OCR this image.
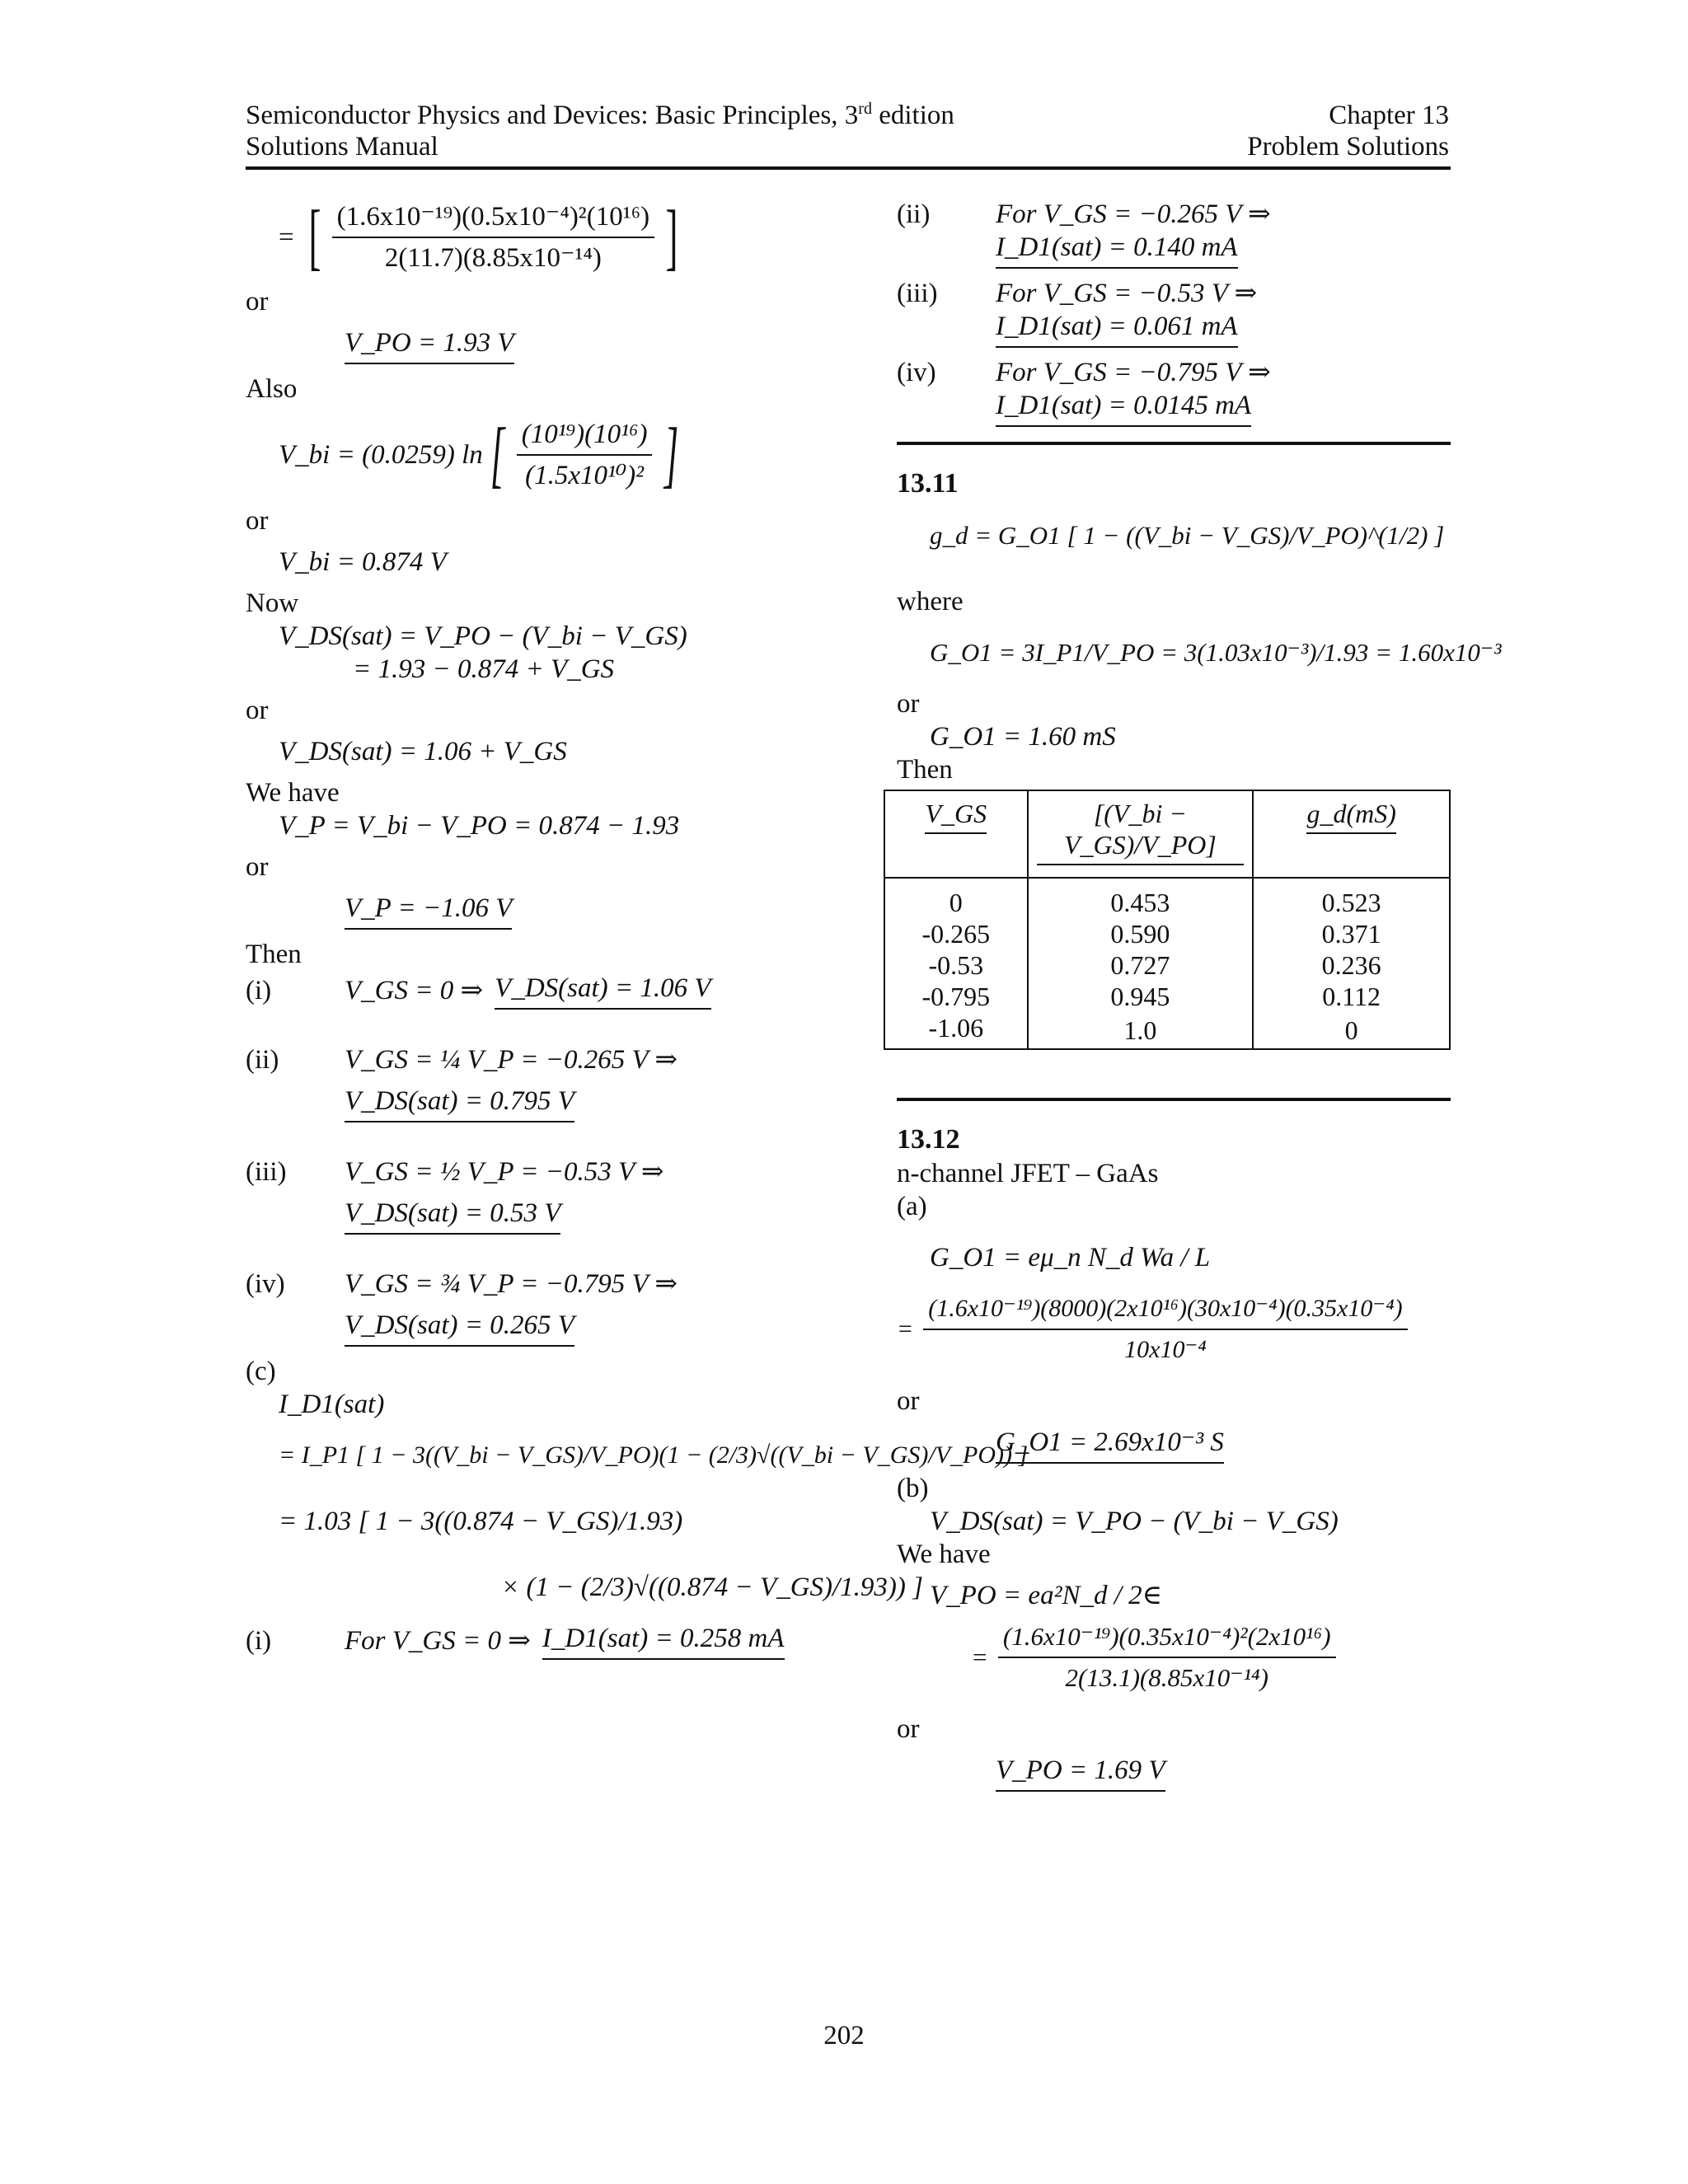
Semiconductor Physics and Devices: Basic Principles, 3rd edition	Chapter 13
Solutions Manual	Problem Solutions
= [ $\frac{\text{(1.6x10⁻¹⁹)(0.5x10⁻⁴)²(10¹⁶)}}{\text{2(11.7)(8.85x10⁻¹⁴)}}$ ]
or
V_PO = 1.93 V
Also
V_bi = (0.0259) ln [ $\frac{\text{(10¹⁹)(10¹⁶)}}{\text{(1.5x10¹⁰)²}}$ ]
or
V_bi = 0.874 V
Now
V_DS(sat) = V_PO − (V_bi − V_GS)
= 1.93 − 0.874 + V_GS
or
V_DS(sat) = 1.06 + V_GS
We have
V_P = V_bi − V_PO = 0.874 − 1.93
or
V_P = −1.06 V
Then
(i)	V_GS = 0 ⇒ V_DS(sat) = 1.06 V
(ii)	V_GS = ¼ V_P = −0.265 V ⇒
V_DS(sat) = 0.795 V
(iii)	V_GS = ½ V_P = −0.53 V ⇒
V_DS(sat) = 0.53 V
(iv)	V_GS = ¾ V_P = −0.795 V ⇒
V_DS(sat) = 0.265 V
(c)
I_D1(sat)
= I_P1 [ 1 − 3((V_bi − V_GS)/V_PO)(1 − (2/3)√((V_bi − V_GS)/V_PO)) ]
= 1.03 [ 1 − 3((0.874 − V_GS)/1.93)
× (1 − (2/3)√((0.874 − V_GS)/1.93)) ]
(i)	For V_GS = 0 ⇒ I_D1(sat) = 0.258 mA
(ii)	For V_GS = −0.265 V ⇒
I_D1(sat) = 0.140 mA
(iii)	For V_GS = −0.53 V ⇒
I_D1(sat) = 0.061 mA
(iv)	For V_GS = −0.795 V ⇒
I_D1(sat) = 0.0145 mA
13.11
g_d = G_O1 [ 1 − ((V_bi − V_GS)/V_PO)^(1/2) ]
where
G_O1 = 3I_P1/V_PO = 3(1.03x10⁻³)/1.93 = 1.60x10⁻³
or
G_O1 = 1.60 mS
Then
V_GS	[(V_bi − V_GS)/V_PO]	g_d(mS)
0	0.453	0.523
-0.265	0.590	0.371
-0.53	0.727	0.236
-0.795	0.945	0.112
-1.06	1.0	0
13.12
n-channel JFET – GaAs
(a)
G_O1 = eμ_n N_d Wa / L
= $\frac{\text{(1.6x10⁻¹⁹)(8000)(2x10¹⁶)(30x10⁻⁴)(0.35x10⁻⁴)}}{\text{10x10⁻⁴}}$
or
G_O1 = 2.69x10⁻³ S
(b)
V_DS(sat) = V_PO − (V_bi − V_GS)
We have
V_PO = ea²N_d / 2∈
= $\frac{\text{(1.6x10⁻¹⁹)(0.35x10⁻⁴)²(2x10¹⁶)}}{\text{2(13.1)(8.85x10⁻¹⁴)}}$
or
V_PO = 1.69 V
202
